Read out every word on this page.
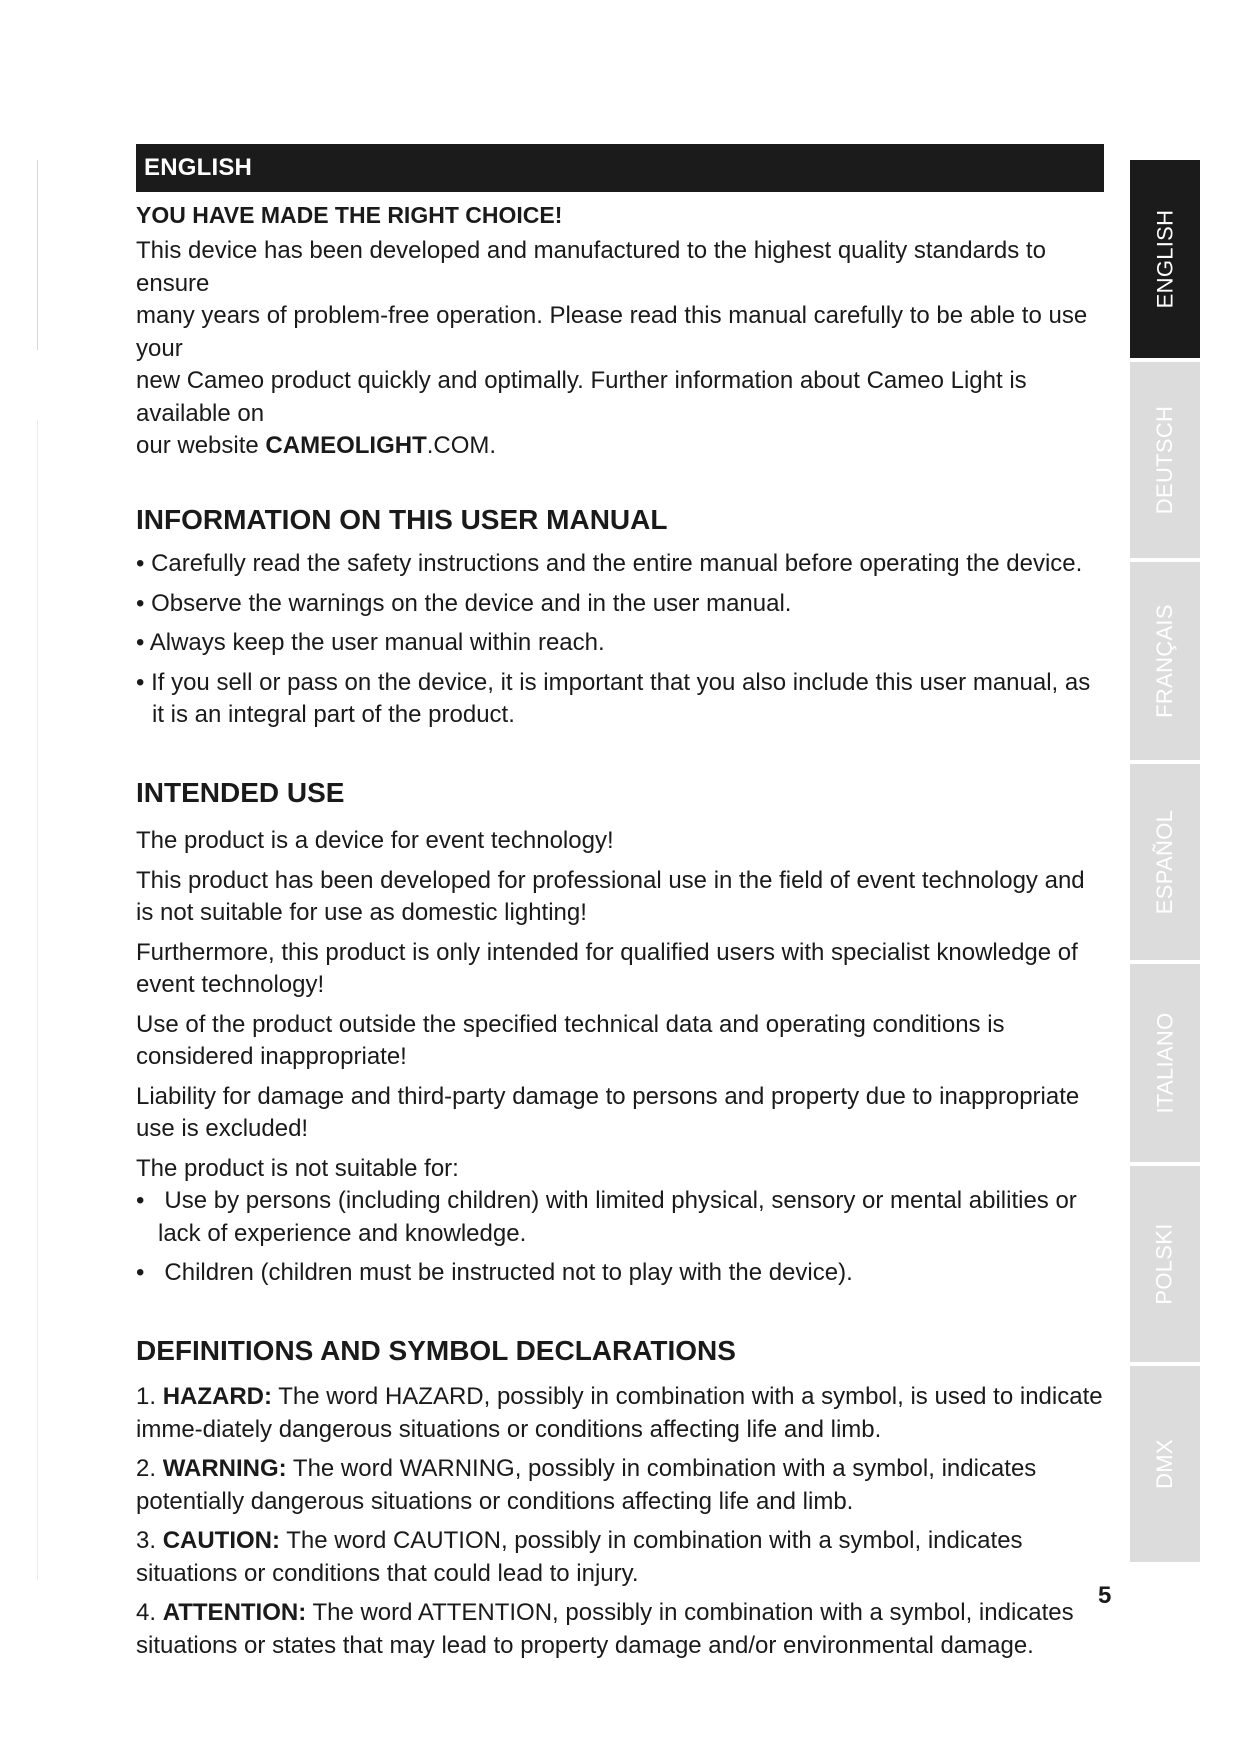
ENGLISH
YOU HAVE MADE THE RIGHT CHOICE!

This device has been developed and manufactured to the highest quality standards to ensure

many years of problem-free operation. Please read this manual carefully to be able to use your

new Cameo product quickly and optimally. Further information about Cameo Light is available on

our website CAMEOLIGHT.COM.

INFORMATION ON THIS USER MANUAL
• Carefully read the safety instructions and the entire manual before operating the device.
• Observe the warnings on the device and in the user manual.
• Always keep the user manual within reach.
• If you sell or pass on the device, it is important that you also include this user manual, as it is an integral part of the product.
INTENDED USE

The product is a device for event technology!

This product has been developed for professional use in the field of event technology and is not suitable for use as domestic lighting!

Furthermore, this product is only intended for qualified users with specialist knowledge of event technology!

Use of the product outside the specified technical data and operating conditions is considered inappropriate!

Liability for damage and third-party damage to persons and property due to inappropriate use is excluded!

The product is not suitable for:

•   Use by persons (including children) with limited physical, sensory or mental abilities or lack of experience and knowledge.
•   Children (children must be instructed not to play with the device).
DEFINITIONS AND SYMBOL DECLARATIONS

1. HAZARD: The word HAZARD, possibly in combination with a symbol, is used to indicate imme-diately dangerous situations or conditions affecting life and limb.

2. WARNING: The word WARNING, possibly in combination with a symbol, indicates potentially dangerous situations or conditions affecting life and limb.

3. CAUTION: The word CAUTION, possibly in combination with a symbol, indicates situations or conditions that could lead to injury.

4. ATTENTION: The word ATTENTION, possibly in combination with a symbol, indicates situations or states that may lead to property damage and/or environmental damage.

5
ENGLISH
DEUTSCH
FRANÇAIS
ESPAÑOL
ITALIANO
POLSKI
DMX
